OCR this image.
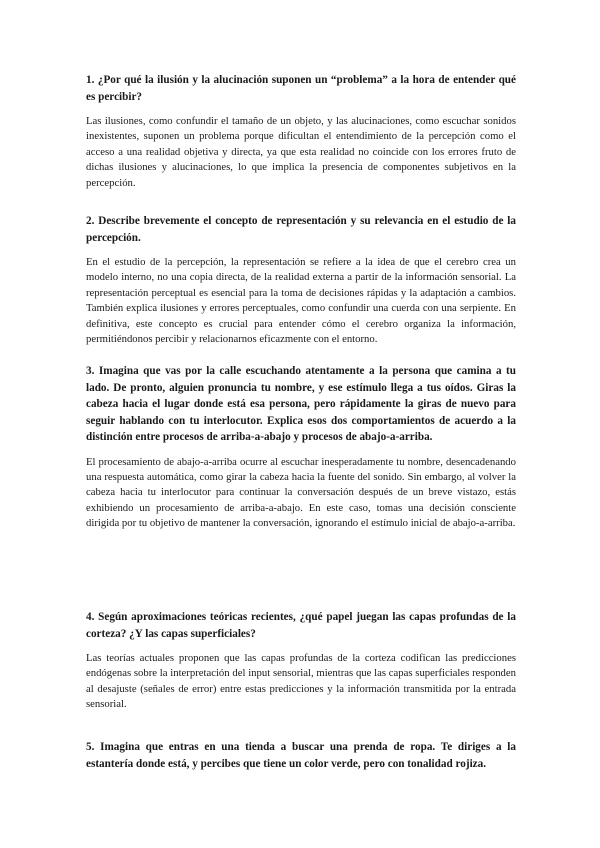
1. ¿Por qué la ilusión y la alucinación suponen un “problema” a la hora de entender qué es percibir?

Las ilusiones, como confundir el tamaño de un objeto, y las alucinaciones, como escuchar sonidos inexistentes, suponen un problema porque dificultan el entendimiento de la percepción como el acceso a una realidad objetiva y directa, ya que esta realidad no coincide con los errores fruto de dichas ilusiones y alucinaciones, lo que implica la presencia de componentes subjetivos en la percepción.

2. Describe brevemente el concepto de representación y su relevancia en el estudio de la percepción.

En el estudio de la percepción, la representación se refiere a la idea de que el cerebro crea un modelo interno, no una copia directa, de la realidad externa a partir de la información sensorial. La representación perceptual es esencial para la toma de decisiones rápidas y la adaptación a cambios. También explica ilusiones y errores perceptuales, como confundir una cuerda con una serpiente. En definitiva, este concepto es crucial para entender cómo el cerebro organiza la información, permitiéndonos percibir y relacionarnos eficazmente con el entorno.

3. Imagina que vas por la calle escuchando atentamente a la persona que camina a tu lado. De pronto, alguien pronuncia tu nombre, y ese estímulo llega a tus oídos. Giras la cabeza hacia el lugar donde está esa persona, pero rápidamente la giras de nuevo para seguir hablando con tu interlocutor. Explica esos dos comportamientos de acuerdo a la distinción entre procesos de arriba-a-abajo y procesos de abajo-a-arriba.

El procesamiento de abajo-a-arriba ocurre al escuchar inesperadamente tu nombre, desencadenando una respuesta automática, como girar la cabeza hacia la fuente del sonido. Sin embargo, al volver la cabeza hacia tu interlocutor para continuar la conversación después de un breve vistazo, estás exhibiendo un procesamiento de arriba-a-abajo. En este caso, tomas una decisión consciente dirigida por tu objetivo de mantener la conversación, ignorando el estímulo inicial de abajo-a-arriba.

4. Según aproximaciones teóricas recientes, ¿qué papel juegan las capas profundas de la corteza? ¿Y las capas superficiales?

Las teorías actuales proponen que las capas profundas de la corteza codifican las predicciones endógenas sobre la interpretación del input sensorial, mientras que las capas superficiales responden al desajuste (señales de error) entre estas predicciones y la información transmitida por la entrada sensorial.

5. Imagina que entras en una tienda a buscar una prenda de ropa. Te diriges a la estantería donde está, y percibes que tiene un color verde, pero con tonalidad rojiza.
